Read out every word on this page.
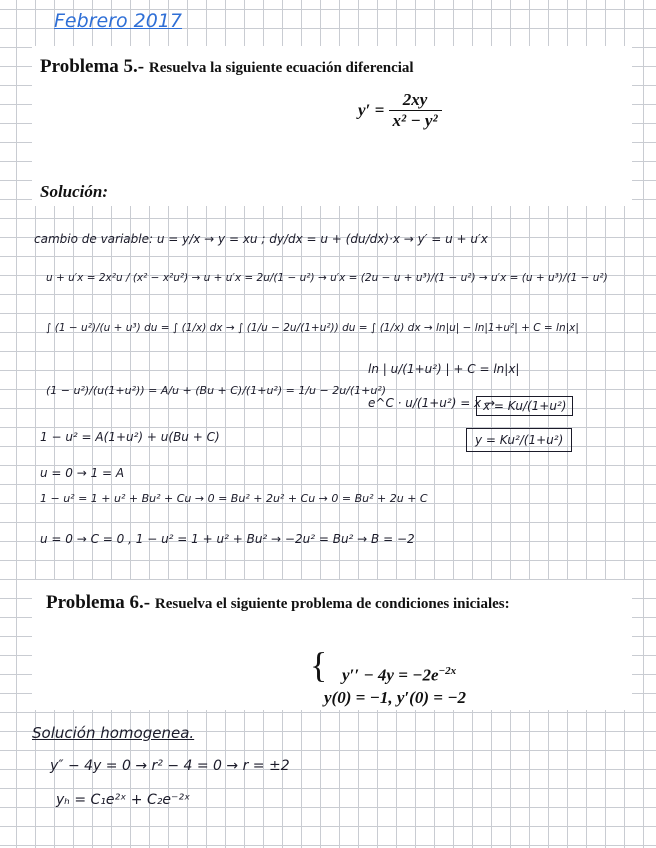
Febrero 2017
Problema 5.- Resuelva la siguiente ecuación diferencial
$y' = \frac{2xy}{\text{x² − y²}}$
Solución:
cambio de variable: u = y/x → y = xu ; dy/dx = u + (du/dx)·x → y′ = u + u′x
u + u′x = 2x²u / (x² − x²u²) → u + u′x = 2u/(1 − u²) → u′x = (2u − u + u³)/(1 − u²) → u′x = (u + u³)/(1 − u²)
∫ (1 − u²)/(u + u³) du = ∫ (1/x) dx → ∫ (1/u − 2u/(1+u²)) du = ∫ (1/x) dx → ln|u| − ln|1+u²| + C = ln|x|
(1 − u²)/(u(1+u²)) = A/u + (Bu + C)/(1+u²) = 1/u − 2u/(1+u²)
1 − u² = A(1+u²) + u(Bu + C)
u = 0 → 1 = A
1 − u² = 1 + u² + Bu² + Cu → 0 = Bu² + 2u² + Cu → 0 = Bu² + 2u + C
u = 0 → C = 0 , 1 − u² = 1 + u² + Bu² → −2u² = Bu² → B = −2
ln | u/(1+u²) | + C = ln|x|
e^C · u/(1+u²) = x →
x = Ku/(1+u²)
y = Ku²/(1+u²)
Problema 6.- Resuelva el siguiente problema de condiciones iniciales:
{ $y'' - 4y = -2e^{-2x}$
y(0) = −1, y′(0) = −2
Solución homogenea.
y″ − 4y = 0 → r² − 4 = 0 → r = ±2
yₕ = C₁e²ˣ + C₂e⁻²ˣ
